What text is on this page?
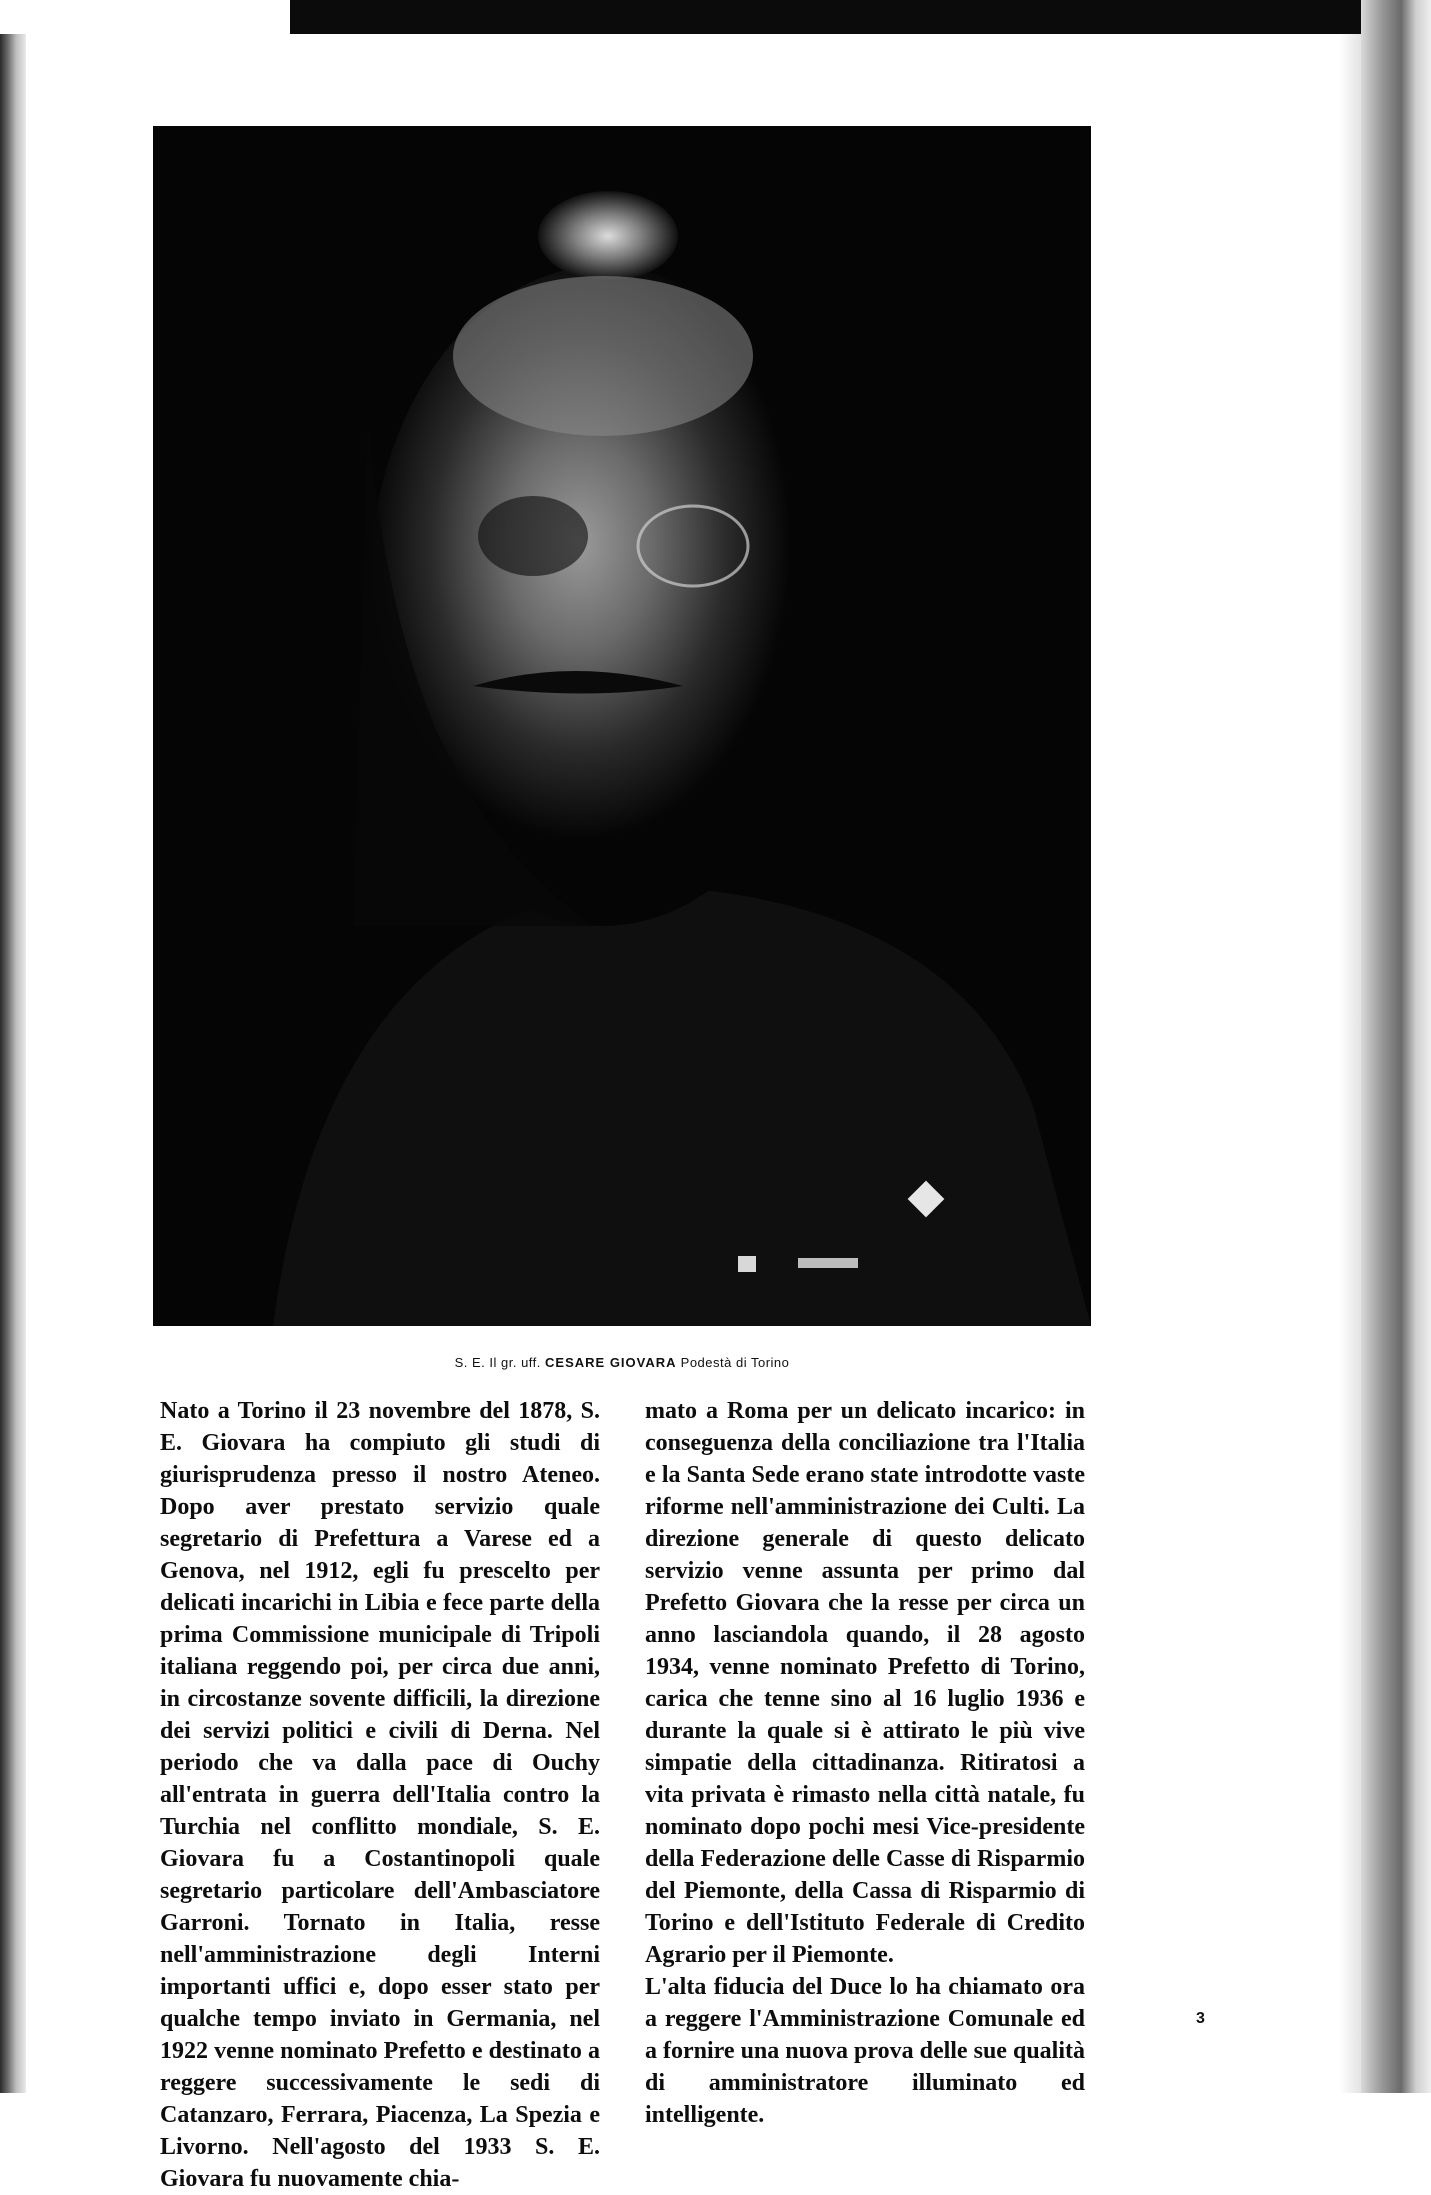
S. E. Il gr. uff. CESARE GIOVARA Podestà di Torino

Nato a Torino il 23 novembre del 1878, S. E. Giovara ha compiuto gli studi di giurisprudenza presso il nostro Ateneo. Dopo aver prestato servizio quale segretario di Prefettura a Varese ed a Genova, nel 1912, egli fu prescelto per delicati incarichi in Libia e fece parte della prima Commissione municipale di Tripoli italiana reggendo poi, per circa due anni, in circostanze sovente difficili, la direzione dei servizi politici e civili di Derna. Nel periodo che va dalla pace di Ouchy all'entrata in guerra dell'Italia contro la Turchia nel conflitto mondiale, S. E. Giovara fu a Costantinopoli quale segretario particolare dell'Ambasciatore Garroni. Tornato in Italia, resse nell'amministrazione degli Interni importanti uffici e, dopo esser stato per qualche tempo inviato in Germania, nel 1922 venne nominato Prefetto e destinato a reggere successivamente le sedi di Catanzaro, Ferrara, Piacenza, La Spezia e Livorno. Nell'agosto del 1933 S. E. Giovara fu nuovamente chia-

mato a Roma per un delicato incarico: in conseguenza della conciliazione tra l'Italia e la Santa Sede erano state introdotte vaste riforme nell'amministrazione dei Culti. La direzione generale di questo delicato servizio venne assunta per primo dal Prefetto Giovara che la resse per circa un anno lasciandola quando, il 28 agosto 1934, venne nominato Prefetto di Torino, carica che tenne sino al 16 luglio 1936 e durante la quale si è attirato le più vive simpatie della cittadinanza. Ritiratosi a vita privata è rimasto nella città natale, fu nominato dopo pochi mesi Vice-presidente della Federazione delle Casse di Risparmio del Piemonte, della Cassa di Risparmio di Torino e dell'Istituto Federale di Credito Agrario per il Piemonte.

L'alta fiducia del Duce lo ha chiamato ora a reggere l'Amministrazione Comunale ed a fornire una nuova prova delle sue qualità di amministratore illuminato ed intelligente.

3
